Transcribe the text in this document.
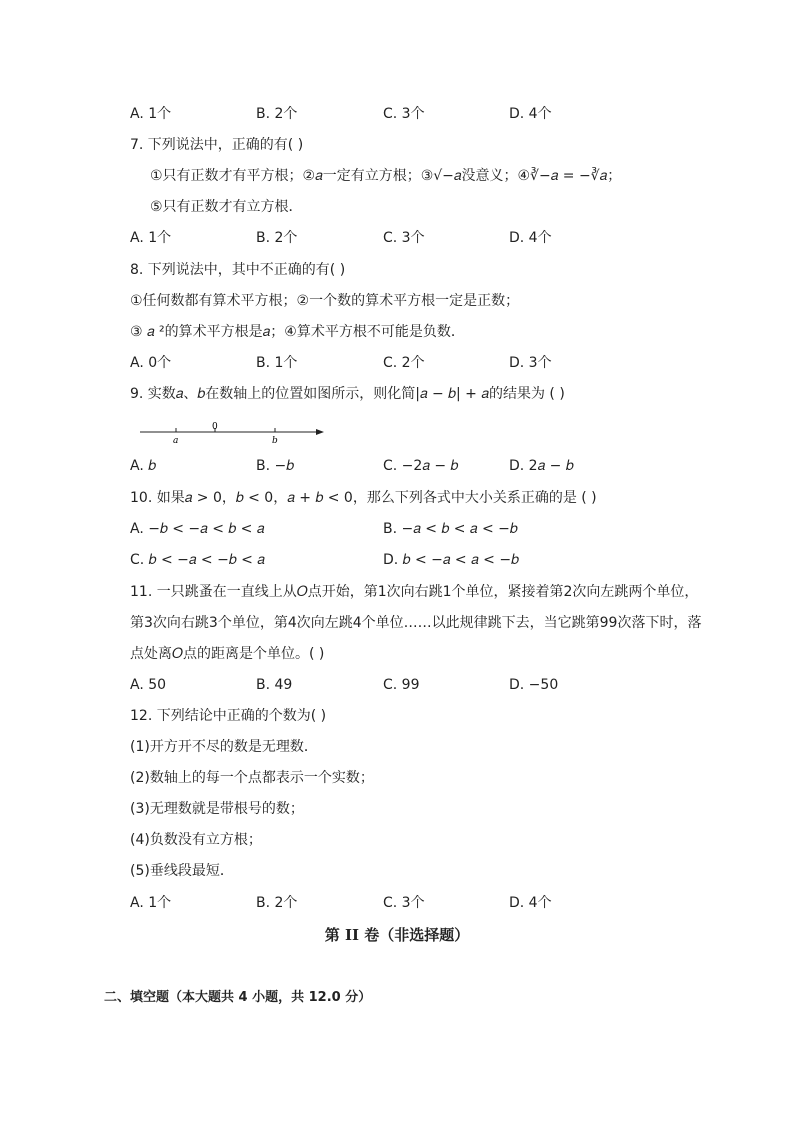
A. 1个	B. 2个	C. 3个	D. 4个
7. 下列说法中，正确的有( )
①只有正数才有平方根；②𝑎一定有立方根；③√−𝑎没意义；④∛−𝑎 = −∛𝑎；
⑤只有正数才有立方根．
A. 1个	B. 2个	C. 3个	D. 4个
8. 下列说法中，其中不正确的有( )
①任何数都有算术平方根；②一个数的算术平方根一定是正数；
③ 𝑎 ²的算术平方根是𝑎；④算术平方根不可能是负数．
A. 0个	B. 1个	C. 2个	D. 3个
9. 实数𝑎、𝑏在数轴上的位置如图所示，则化简|𝑎 − 𝑏| + 𝑎的结果为 ( )
a
0
b
A. 𝑏	B. −𝑏	C. −2𝑎 − 𝑏	D. 2𝑎 − 𝑏
10. 如果𝑎 > 0，𝑏 < 0，𝑎 + 𝑏 < 0，那么下列各式中大小关系正确的是 ( )
A. −𝑏 < −𝑎 < 𝑏 < 𝑎	B. −𝑎 < 𝑏 < 𝑎 < −𝑏
C. 𝑏 < −𝑎 < −𝑏 < 𝑎	D. 𝑏 < −𝑎 < 𝑎 < −𝑏
11. 一只跳蚤在一直线上从𝑂点开始，第1次向右跳1个单位，紧接着第2次向左跳两个单位，
第3次向右跳3个单位，第4次向左跳4个单位……以此规律跳下去，当它跳第99次落下时，落
点处离𝑂点的距离是个单位。( )
A. 50	B. 49	C. 99	D. −50
12. 下列结论中正确的个数为( )
(1)开方开不尽的数是无理数．
(2)数轴上的每一个点都表示一个实数；
(3)无理数就是带根号的数；
(4)负数没有立方根；
(5)垂线段最短．
A. 1个	B. 2个	C. 3个	D. 4个
第 II 卷（非选择题）
二、填空题（本大题共 4 小题，共 12.0 分）
